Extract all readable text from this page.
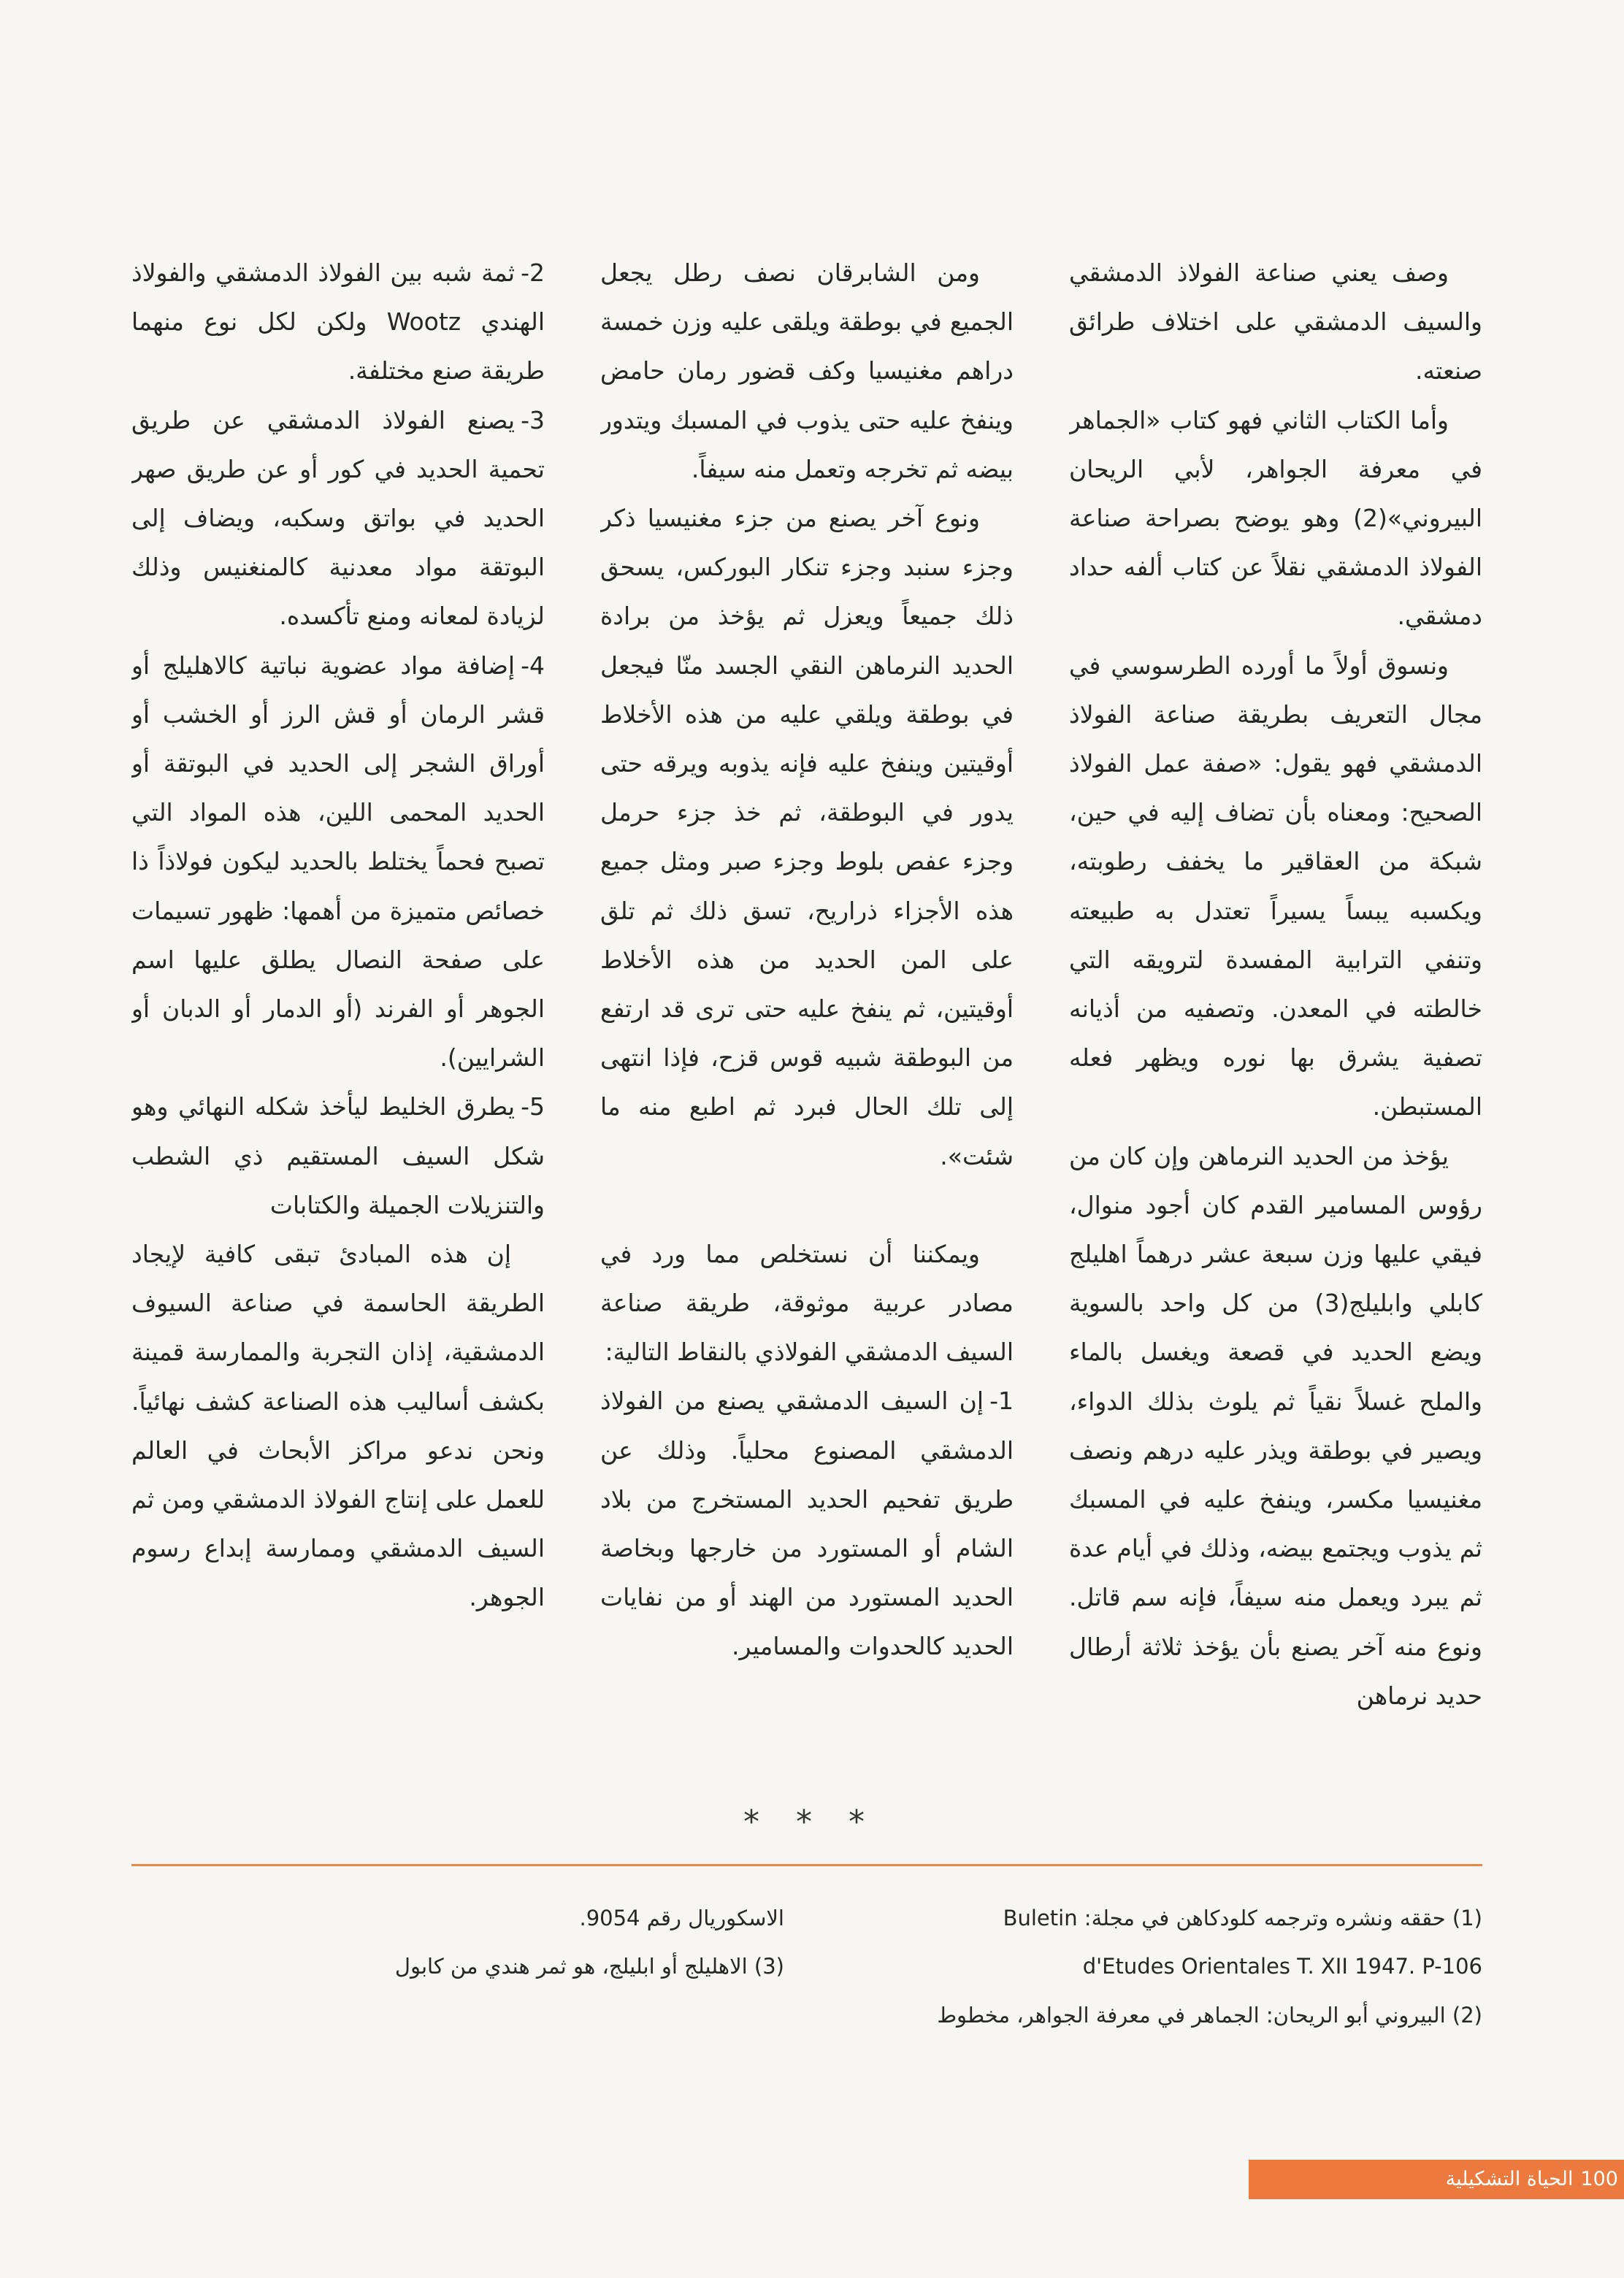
وصف يعني صناعة الفولاذ الدمشقي والسيف الدمشقي على اختلاف طرائق صنعته.

وأما الكتاب الثاني فهو كتاب «الجماهر في معرفة الجواهر، لأبي الريحان البيروني»(2) وهو يوضح بصراحة صناعة الفولاذ الدمشقي نقلاً عن كتاب ألفه حداد دمشقي.

ونسوق أولاً ما أورده الطرسوسي في مجال التعريف بطريقة صناعة الفولاذ الدمشقي فهو يقول: «صفة عمل الفولاذ الصحيح: ومعناه بأن تضاف إليه في حين، شبكة من العقاقير ما يخفف رطوبته، ويكسبه يبساً يسيراً تعتدل به طبيعته وتنفي الترابية المفسدة لترويقه التي خالطته في المعدن. وتصفيه من أذيانه تصفية يشرق بها نوره ويظهر فعله المستبطن.

يؤخذ من الحديد النرماهن وإن كان من رؤوس المسامير القدم كان أجود منوال، فيقي عليها وزن سبعة عشر درهماً اهليلج كابلي وابليلج(3) من كل واحد بالسوية ويضع الحديد في قصعة ويغسل بالماء والملح غسلاً نقياً ثم يلوث بذلك الدواء، ويصير في بوطقة ويذر عليه درهم ونصف مغنيسيا مكسر، وينفخ عليه في المسبك ثم يذوب ويجتمع بيضه، وذلك في أيام عدة ثم يبرد ويعمل منه سيفاً، فإنه سم قاتل. ونوع منه آخر يصنع بأن يؤخذ ثلاثة أرطال حديد نرماهن

ومن الشابرقان نصف رطل يجعل الجميع في بوطقة ويلقى عليه وزن خمسة دراهم مغنيسيا وكف قضور رمان حامض وينفخ عليه حتى يذوب في المسبك ويتدور بيضه ثم تخرجه وتعمل منه سيفاً.

ونوع آخر يصنع من جزء مغنيسيا ذكر وجزء سنبد وجزء تنكار البوركس، يسحق ذلك جميعاً ويعزل ثم يؤخذ من برادة الحديد النرماهن النقي الجسد منّا فيجعل في بوطقة ويلقي عليه من هذه الأخلاط أوقيتين وينفخ عليه فإنه يذوبه ويرقه حتى يدور في البوطقة، ثم خذ جزء حرمل وجزء عفص بلوط وجزء صبر ومثل جميع هذه الأجزاء ذراريح، تسق ذلك ثم تلق على المن الحديد من هذه الأخلاط أوقيتين، ثم ينفخ عليه حتى ترى قد ارتفع من البوطقة شبيه قوس قزح، فإذا انتهى إلى تلك الحال فبرد ثم اطبع منه ما شئت».

ويمكننا أن نستخلص مما ورد في مصادر عربية موثوقة، طريقة صناعة السيف الدمشقي الفولاذي بالنقاط التالية:

1-إن السيف الدمشقي يصنع من الفولاذ الدمشقي المصنوع محلياً. وذلك عن طريق تفحيم الحديد المستخرج من بلاد الشام أو المستورد من خارجها وبخاصة الحديد المستورد من الهند أو من نفايات الحديد كالحدوات والمسامير.

2-ثمة شبه بين الفولاذ الدمشقي والفولاذ الهندي Wootz ولكن لكل نوع منهما طريقة صنع مختلفة.

3-يصنع الفولاذ الدمشقي عن طريق تحمية الحديد في كور أو عن طريق صهر الحديد في بواتق وسكبه، ويضاف إلى البوتقة مواد معدنية كالمنغنيس وذلك لزيادة لمعانه ومنع تأكسده.

4-إضافة مواد عضوية نباتية كالاهليلج أو قشر الرمان أو قش الرز أو الخشب أو أوراق الشجر إلى الحديد في البوتقة أو الحديد المحمى اللين، هذه المواد التي تصبح فحماً يختلط بالحديد ليكون فولاذاً ذا خصائص متميزة من أهمها: ظهور تسيمات على صفحة النصال يطلق عليها اسم الجوهر أو الفرند (أو الدمار أو الدبان أو الشرايين).

5-يطرق الخليط ليأخذ شكله النهائي وهو شكل السيف المستقيم ذي الشطب والتنزيلات الجميلة والكتابات

إن هذه المبادئ تبقى كافية لإيجاد الطريقة الحاسمة في صناعة السيوف الدمشقية، إذان التجربة والممارسة قمينة بكشف أساليب هذه الصناعة كشف نهائياً. ونحن ندعو مراكز الأبحاث في العالم للعمل على إنتاج الفولاذ الدمشقي ومن ثم السيف الدمشقي وممارسة إبداع رسوم الجوهر.

* * *
(1) حققه ونشره وترجمه كلودكاهن في مجلة: Buletin
d'Etudes Orientales T. XII 1947. P-106
(2) البيروني أبو الريحان: الجماهر في معرفة الجواهر، مخطوط
الاسكوريال رقم 9054.
(3) الاهليلج أو ابليلج، هو ثمر هندي من كابول
100الحياة التشكيلية
